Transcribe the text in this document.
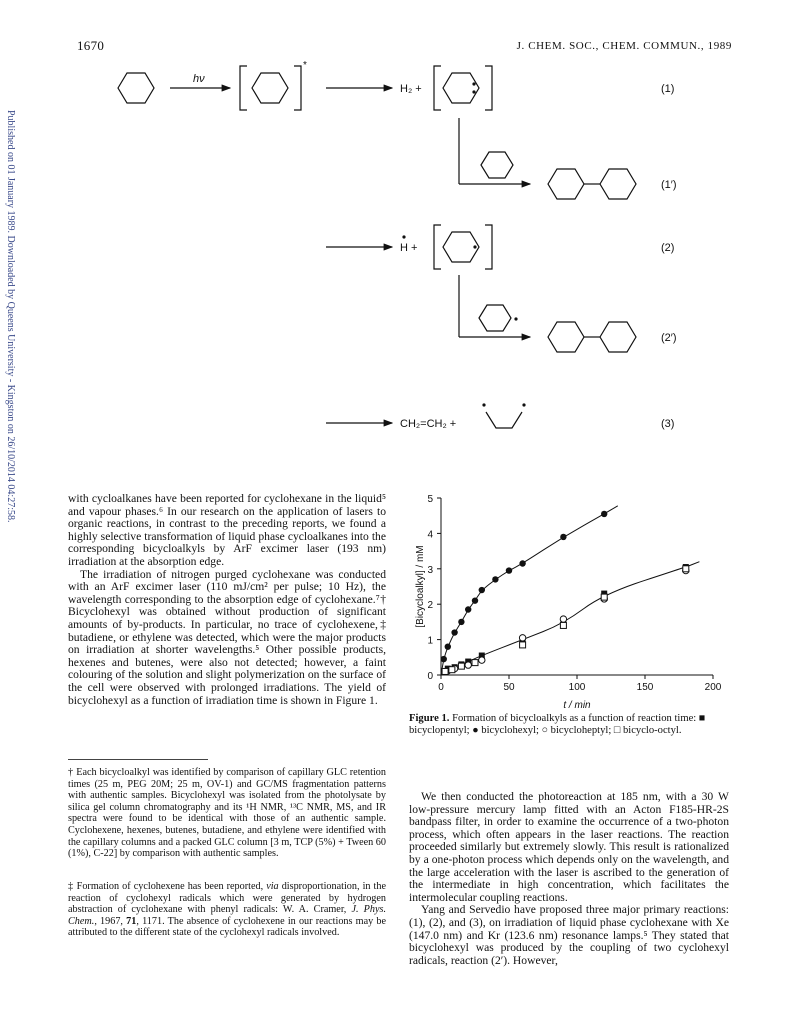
1670	J. CHEM. SOC., CHEM. COMMUN., 1989
Published on 01 January 1989. Downloaded by Queens University - Kingston on 26/10/2014 04:27:58.
hν
*
H₂ +
H +
CH₂=CH₂ +
(1)
(1′)
(2)
(2′)
(3)

with cycloalkanes have been reported for cyclohexane in the liquid⁵ and vapour phases.⁶ In our research on the application of lasers to organic reactions, in contrast to the preceding reports, we found a highly selective transformation of liquid phase cycloalkanes into the corresponding bicycloalkyls by ArF excimer laser (193 nm) irradiation at the absorption edge.

The irradiation of nitrogen purged cyclohexane was conducted with an ArF excimer laser (110 mJ/cm² per pulse; 10 Hz), the wavelength corresponding to the absorption edge of cyclohexane.⁷† Bicyclohexyl was obtained without production of significant amounts of by-products. In particular, no trace of cyclohexene,‡ butadiene, or ethylene was detected, which were the major products on irradiation at shorter wavelengths.⁵ Other possible products, hexenes and butenes, were also not detected; however, a faint colouring of the solution and slight polymerization on the surface of the cell were observed with prolonged irradiations. The yield of bicyclohexyl as a function of irradiation time is shown in Figure 1.

† Each bicycloalkyl was identified by comparison of capillary GLC retention times (25 m, PEG 20M; 25 m, OV-1) and GC/MS fragmentation patterns with authentic samples. Bicyclohexyl was isolated from the photolysate by silica gel column chromatography and its ¹H NMR, ¹³C NMR, MS, and IR spectra were found to be identical with those of an authentic sample. Cyclohexene, hexenes, butenes, butadiene, and ethylene were identified with the capillary columns and a packed GLC column [3 m, TCP (5%) + Tween 60 (1%), C-22] by comparison with authentic samples.

‡ Formation of cyclohexene has been reported, via disproportionation, in the reaction of cyclohexyl radicals which were generated by hydrogen abstraction of cyclohexane with phenyl radicals: W. A. Cramer, J. Phys. Chem., 1967, 71, 1171. The absence of cyclohexene in our reactions may be attributed to the different state of the cyclohexyl radicals involved.

0
1
2
3
4
5
0	50	100	150	200
t / min
[Bicycloalkyl] / mM
Figure 1. Formation of bicycloalkyls as a function of reaction time: ■ bicyclopentyl; ● bicyclohexyl; ○ bicycloheptyl; □ bicyclo-octyl.

We then conducted the photoreaction at 185 nm, with a 30 W low-pressure mercury lamp fitted with an Acton F185-HR-2S bandpass filter, in order to examine the occurrence of a two-photon process, which often appears in the laser reactions. The reaction proceeded similarly but extremely slowly. This result is rationalized by a one-photon process which depends only on the wavelength, and the large acceleration with the laser is ascribed to the generation of the intermediate in high concentration, which facilitates the intermolecular coupling reactions.

Yang and Servedio have proposed three major primary reactions: (1), (2), and (3), on irradiation of liquid phase cyclohexane with Xe (147.0 nm) and Kr (123.6 nm) resonance lamps.⁵ They stated that bicyclohexyl was produced by the coupling of two cyclohexyl radicals, reaction (2′). However,
